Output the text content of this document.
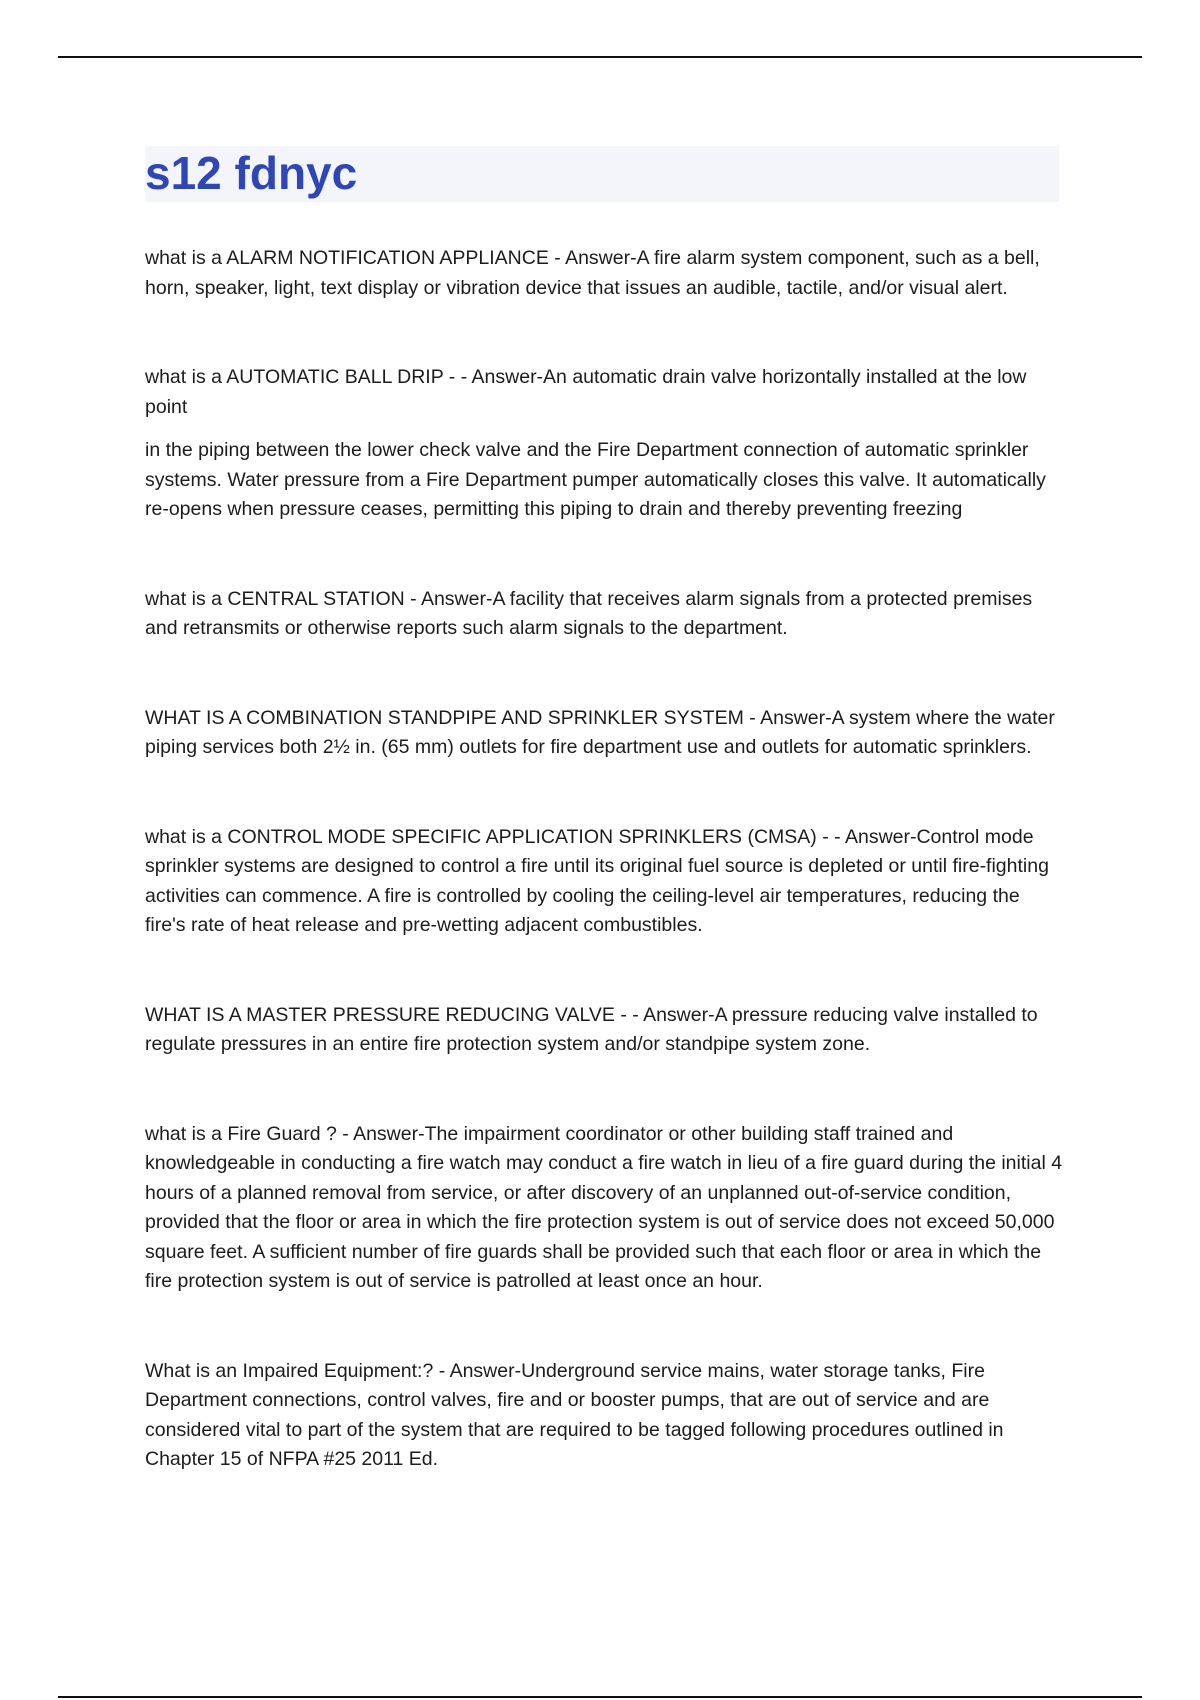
s12 fdnyc

what is a ALARM NOTIFICATION APPLIANCE - Answer-A fire alarm system component, such as a bell, horn, speaker, light, text display or vibration device that issues an audible, tactile, and/or visual alert.

what is a AUTOMATIC BALL DRIP - - Answer-An automatic drain valve horizontally installed at the low point

in the piping between the lower check valve and the Fire Department connection of automatic sprinkler systems. Water pressure from a Fire Department pumper automatically closes this valve. It automatically re-opens when pressure ceases, permitting this piping to drain and thereby preventing freezing

what is a CENTRAL STATION - Answer-A facility that receives alarm signals from a protected premises and retransmits or otherwise reports such alarm signals to the department.

WHAT IS A COMBINATION STANDPIPE AND SPRINKLER SYSTEM - Answer-A system where the water piping services both 2½ in. (65 mm) outlets for fire department use and outlets for automatic sprinklers.

what is a CONTROL MODE SPECIFIC APPLICATION SPRINKLERS (CMSA) - - Answer-Control mode sprinkler systems are designed to control a fire until its original fuel source is depleted or until fire-fighting activities can commence. A fire is controlled by cooling the ceiling-level air temperatures, reducing the fire's rate of heat release and pre-wetting adjacent combustibles.

WHAT IS A MASTER PRESSURE REDUCING VALVE - - Answer-A pressure reducing valve installed to regulate pressures in an entire fire protection system and/or standpipe system zone.

what is a Fire Guard ? - Answer-The impairment coordinator or other building staff trained and knowledgeable in conducting a fire watch may conduct a fire watch in lieu of a fire guard during the initial 4 hours of a planned removal from service, or after discovery of an unplanned out-of-service condition, provided that the floor or area in which the fire protection system is out of service does not exceed 50,000 square feet. A sufficient number of fire guards shall be provided such that each floor or area in which the fire protection system is out of service is patrolled at least once an hour.

What is an Impaired Equipment:? - Answer-Underground service mains, water storage tanks, Fire Department connections, control valves, fire and or booster pumps, that are out of service and are considered vital to part of the system that are required to be tagged following procedures outlined in Chapter 15 of NFPA #25 2011 Ed.
